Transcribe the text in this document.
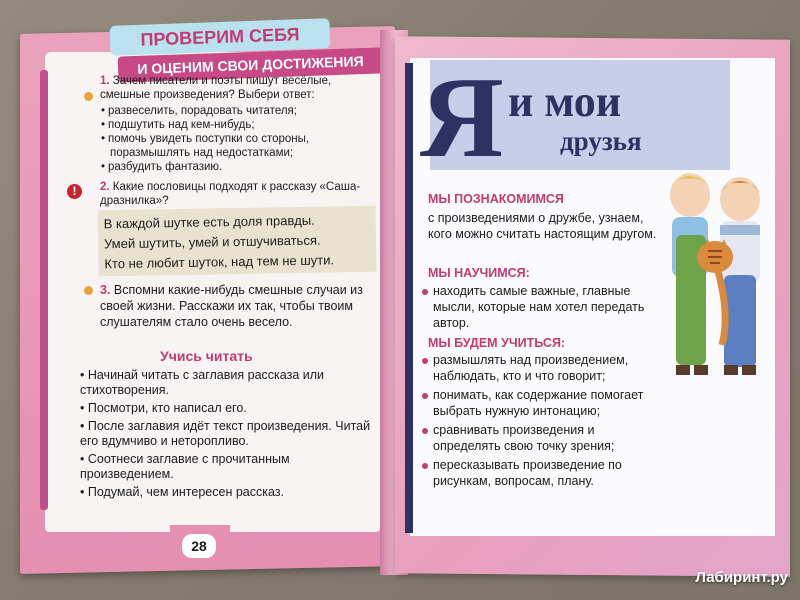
ПРОВЕРИМ СЕБЯ
И ОЦЕНИМ СВОИ ДОСТИЖЕНИЯ
1. Зачем писатели и поэты пишут весёлые, смешные произведения? Выбери ответ:
• развеселить, порадовать читателя;
• подшутить над кем-нибудь;
• помочь увидеть поступки со стороны, поразмышлять над недостатками;
• разбудить фантазию.
!	2. Какие пословицы подходят к рассказу «Саша-дразнилка»?
В каждой шутке есть доля правды.
Умей шутить, умей и отшучиваться.
Кто не любит шуток, над тем не шути.
3. Вспомни какие-нибудь смешные случаи из своей жизни. Расскажи их так, чтобы твоим слушателям стало очень весело.
Учись читать
• Начинай читать с заглавия рассказа или стихотворения.
• Посмотри, кто написал его.
• После заглавия идёт текст произведения. Читай его вдумчиво и неторопливо.
• Соотнеси заглавие с прочитанным произведением.
• Подумай, чем интересен рассказ.
28
Я и мои
друзья
МЫ ПОЗНАКОМИМСЯ
с произведениями о дружбе, узнаем, кого можно считать настоящим другом.
МЫ НАУЧИМСЯ:
находить самые важные, главные мысли, которые нам хотел передать автор.
МЫ БУДЕМ УЧИТЬСЯ:
размышлять над произведением, наблюдать, кто и что говорит;
понимать, как содержание помогает выбрать нужную интонацию;
сравнивать произведения и определять свою точку зрения;
пересказывать произведение по рисункам, вопросам, плану.
Лабиринт.ру
